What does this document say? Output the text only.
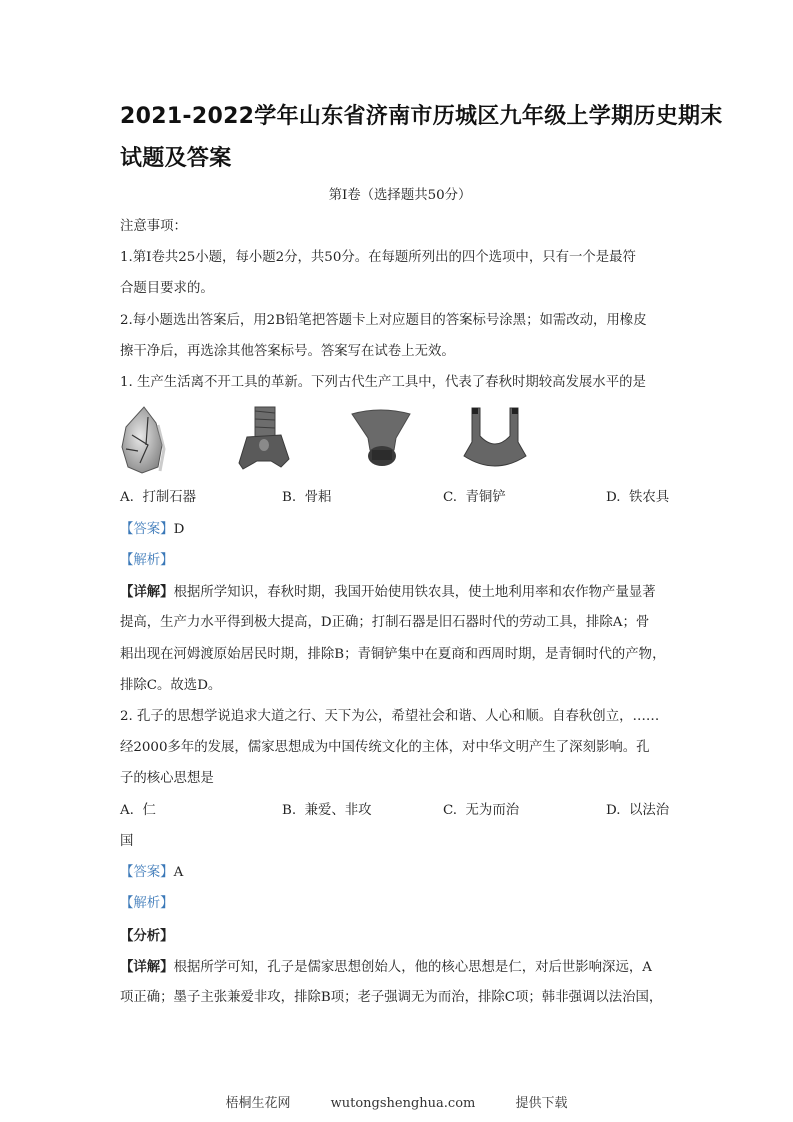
2021-2022学年山东省济南市历城区九年级上学期历史期末
试题及答案
第Ⅰ卷（选择题共50分）
注意事项：
1.第Ⅰ卷共25小题，每小题2分，共50分。在每题所列出的四个选项中，只有一个是最符
合题目要求的。
2.每小题选出答案后，用2B铅笔把答题卡上对应题目的答案标号涂黑；如需改动，用橡皮
擦干净后，再选涂其他答案标号。答案写在试卷上无效。
1. 生产生活离不开工具的革新。下列古代生产工具中，代表了春秋时期较高发展水平的是
A. 打制石器	B. 骨耜	C. 青铜铲	D. 铁农具
【答案】D
【解析】
【详解】根据所学知识，春秋时期，我国开始使用铁农具，使土地利用率和农作物产量显著
提高，生产力水平得到极大提高，D正确；打制石器是旧石器时代的劳动工具，排除A；骨
耜出现在河姆渡原始居民时期，排除B；青铜铲集中在夏商和西周时期，是青铜时代的产物，
排除C。故选D。
2. 孔子的思想学说追求大道之行、天下为公，希望社会和谐、人心和顺。自春秋创立，……
经2000多年的发展，儒家思想成为中国传统文化的主体，对中华文明产生了深刻影响。孔
子的核心思想是
A. 仁	B. 兼爱、非攻	C. 无为而治	D. 以法治
国
【答案】A
【解析】
【分析】
【详解】根据所学可知，孔子是儒家思想创始人，他的核心思想是仁，对后世影响深远，A
项正确；墨子主张兼爱非攻，排除B项；老子强调无为而治，排除C项；韩非强调以法治国，
梧桐生花网	wutongshenghua.com	提供下载
